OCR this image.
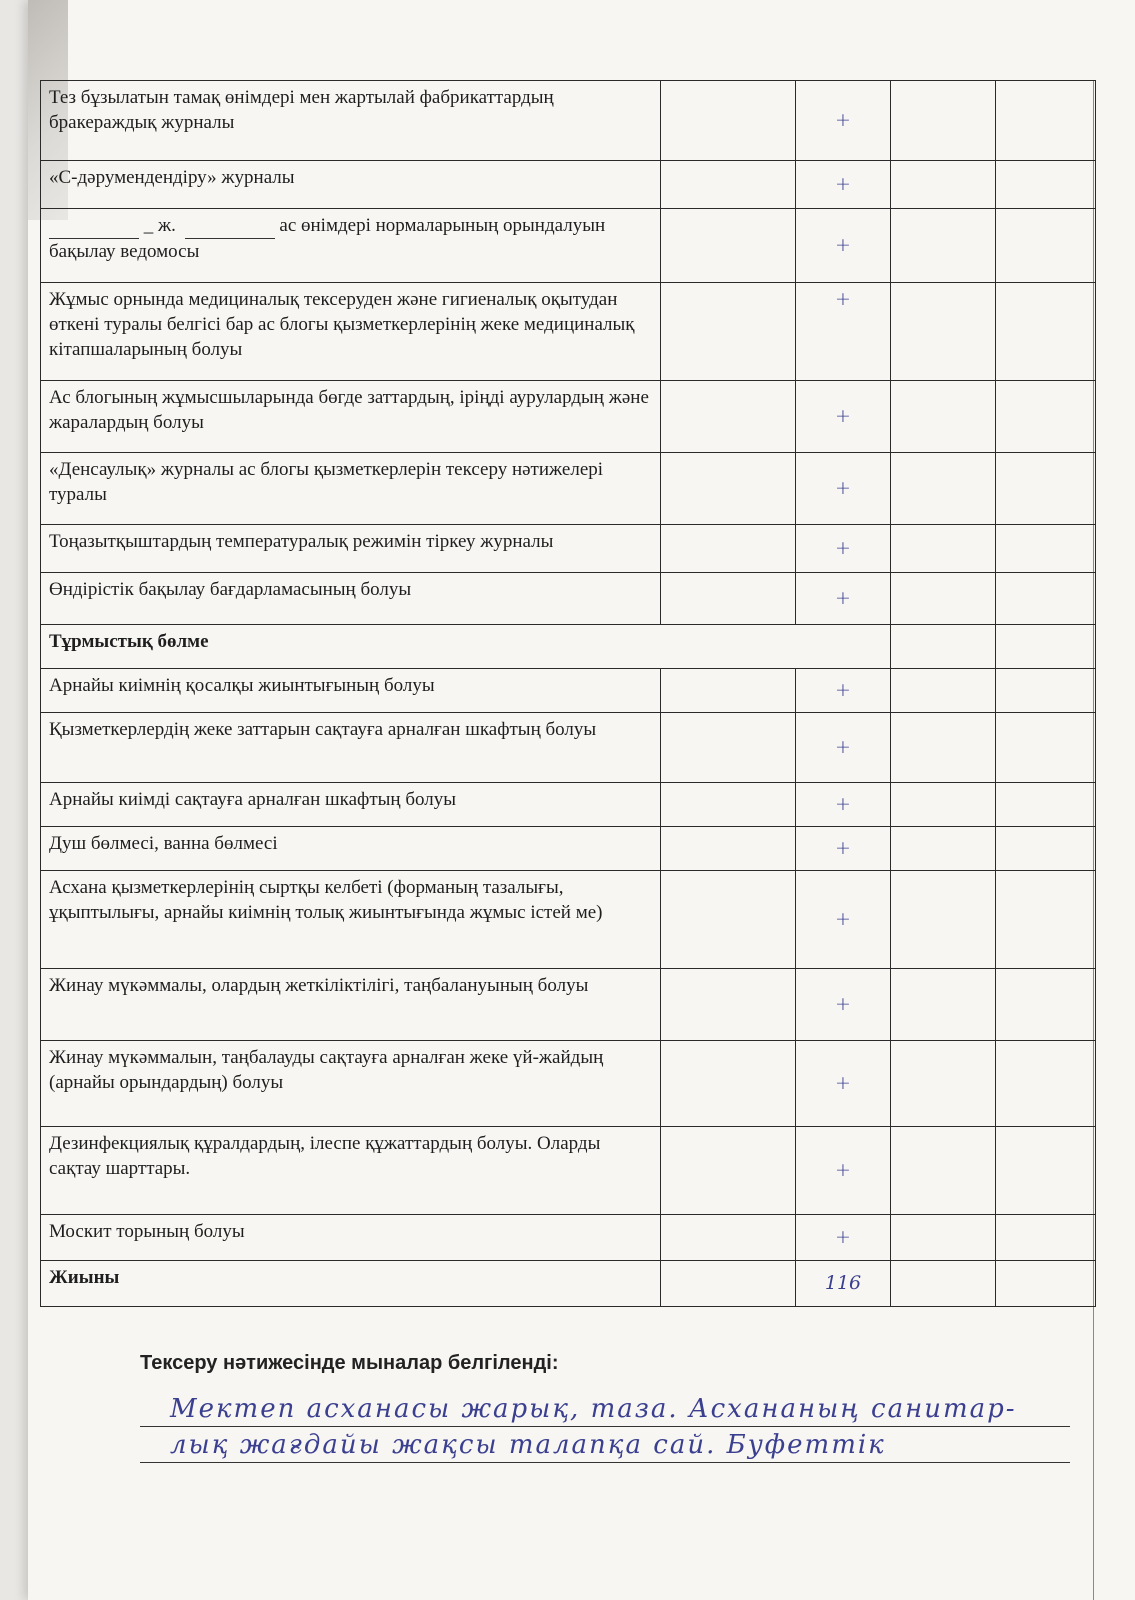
Тез бұзылатын тамақ өнімдері мен жартылай фабрикаттардың бракераждық журналы		+		
«С-дәрумендендіру» журналы		+		
_ ж. ас өнімдері нормаларының орындалуын бақылау ведомосы		+		
Жұмыс орнында медициналық тексеруден және гигиеналық оқытудан өткені туралы белгісі бар ас блогы қызметкерлерінің жеке медициналық кітапшаларының болуы		+		
Ас блогының жұмысшыларында бөгде заттардың, іріңді аурулардың және жаралардың болуы		+		
«Денсаулық» журналы ас блогы қызметкерлерін тексеру нәтижелері туралы		+		
Тоңазытқыштардың температуралық режимін тіркеу журналы		+		
Өндірістік бақылау бағдарламасының болуы		+		
Тұрмыстық бөлме				
Арнайы киімнің қосалқы жиынтығының болуы		+		
Қызметкерлердің жеке заттарын сақтауға арналған шкафтың болуы		+		
Арнайы киімді сақтауға арналған шкафтың болуы		+		
Душ бөлмесі, ванна бөлмесі		+		
Асхана қызметкерлерінің сыртқы келбеті (форманың тазалығы, ұқыптылығы, арнайы киімнің толық жиынтығында жұмыс істей ме)		+		
Жинау мүкәммалы, олардың жеткіліктілігі, таңбалануының болуы		+		
Жинау мүкәммалын, таңбалауды сақтауға арналған жеке үй-жайдың (арнайы орындардың) болуы		+		
Дезинфекциялық құралдардың, ілеспе құжаттардың болуы. Оларды сақтау шарттары.		+		
Москит торының болуы		+		
Жиыны		116		
Тексеру нәтижесінде мыналар белгіленді:
Мектеп асханасы жарық, таза. Асхананың санитар-
лық жағдайы жақсы талапқа сай. Буфеттік
